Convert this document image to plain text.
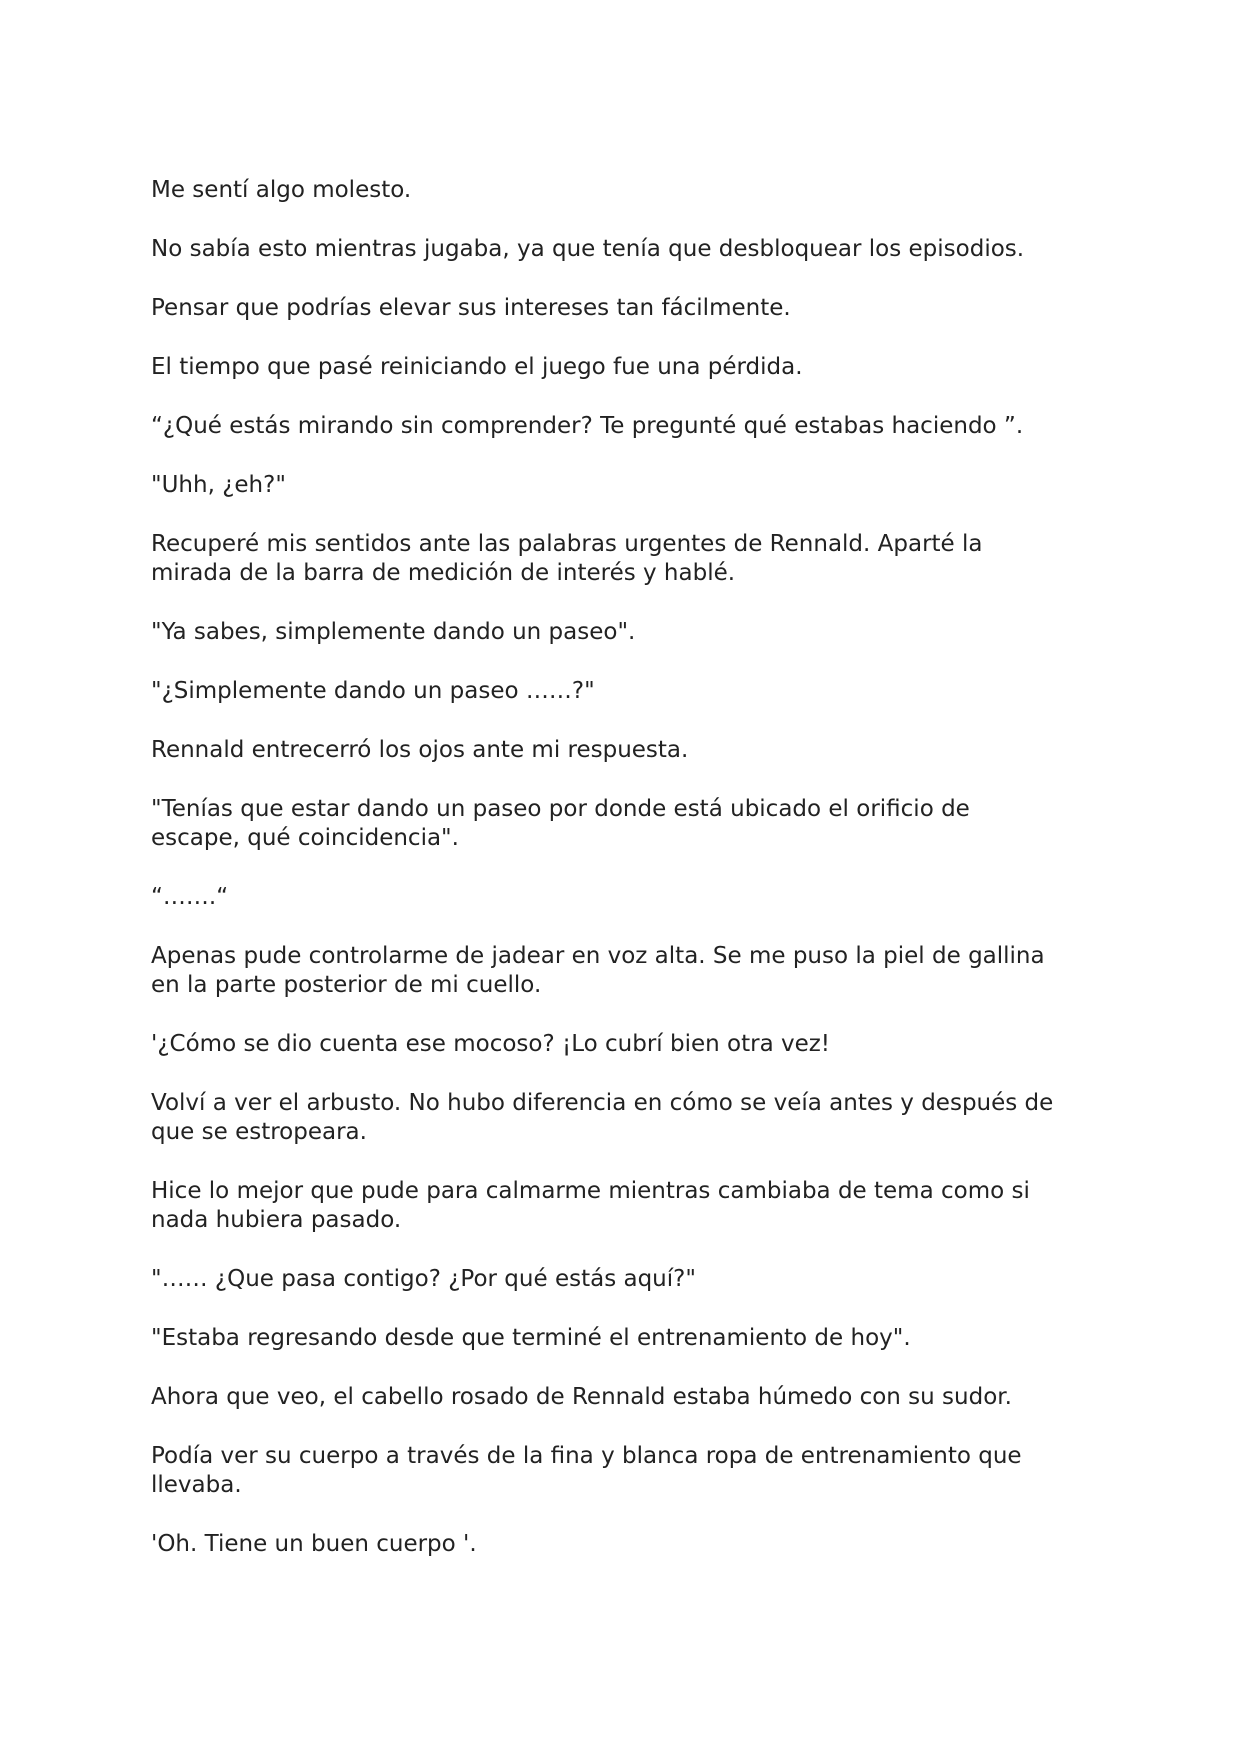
Me sentí algo molesto.

No sabía esto mientras jugaba, ya que tenía que desbloquear los episodios.

Pensar que podrías elevar sus intereses tan fácilmente.

El tiempo que pasé reiniciando el juego fue una pérdida.

“¿Qué estás mirando sin comprender? Te pregunté qué estabas haciendo ”.

"Uhh, ¿eh?"

Recuperé mis sentidos ante las palabras urgentes de Rennald. Aparté la
mirada de la barra de medición de interés y hablé.

"Ya sabes, simplemente dando un paseo".

"¿Simplemente dando un paseo ……?"

Rennald entrecerró los ojos ante mi respuesta.

"Tenías que estar dando un paseo por donde está ubicado el orificio de
escape, qué coincidencia".

“…….“

Apenas pude controlarme de jadear en voz alta. Se me puso la piel de gallina
en la parte posterior de mi cuello.

'¿Cómo se dio cuenta ese mocoso? ¡Lo cubrí bien otra vez!

Volví a ver el arbusto. No hubo diferencia en cómo se veía antes y después de
que se estropeara.

Hice lo mejor que pude para calmarme mientras cambiaba de tema como si
nada hubiera pasado.

"…… ¿Que pasa contigo? ¿Por qué estás aquí?"

"Estaba regresando desde que terminé el entrenamiento de hoy".

Ahora que veo, el cabello rosado de Rennald estaba húmedo con su sudor.

Podía ver su cuerpo a través de la fina y blanca ropa de entrenamiento que
llevaba.

'Oh. Tiene un buen cuerpo '.
